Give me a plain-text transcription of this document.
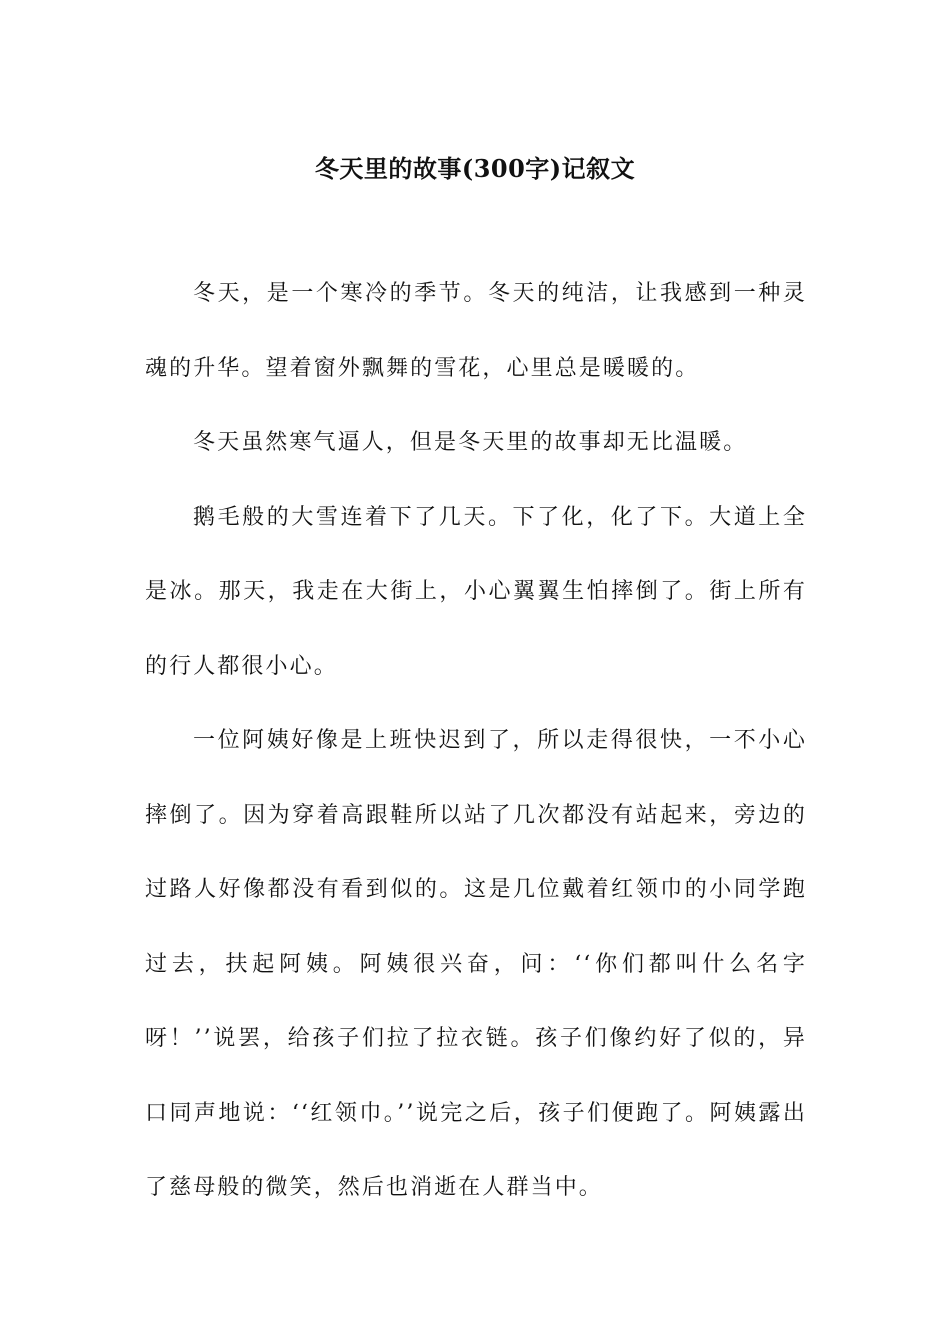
冬天里的故事(300字)记叙文

冬天，是一个寒冷的季节。冬天的纯洁，让我感到一种灵魂的升华。望着窗外飘舞的雪花，心里总是暖暖的。

冬天虽然寒气逼人，但是冬天里的故事却无比温暖。

鹅毛般的大雪连着下了几天。下了化，化了下。大道上全是冰。那天，我走在大街上，小心翼翼生怕摔倒了。街上所有的行人都很小心。

一位阿姨好像是上班快迟到了，所以走得很快，一不小心摔倒了。因为穿着高跟鞋所以站了几次都没有站起来，旁边的过路人好像都没有看到似的。这是几位戴着红领巾的小同学跑过去，扶起阿姨。阿姨很兴奋，问：‘‘你们都叫什么名字呀！’’说罢，给孩子们拉了拉衣链。孩子们像约好了似的，异口同声地说：‘‘红领巾。’’说完之后，孩子们便跑了。阿姨露出了慈母般的微笑，然后也消逝在人群当中。
